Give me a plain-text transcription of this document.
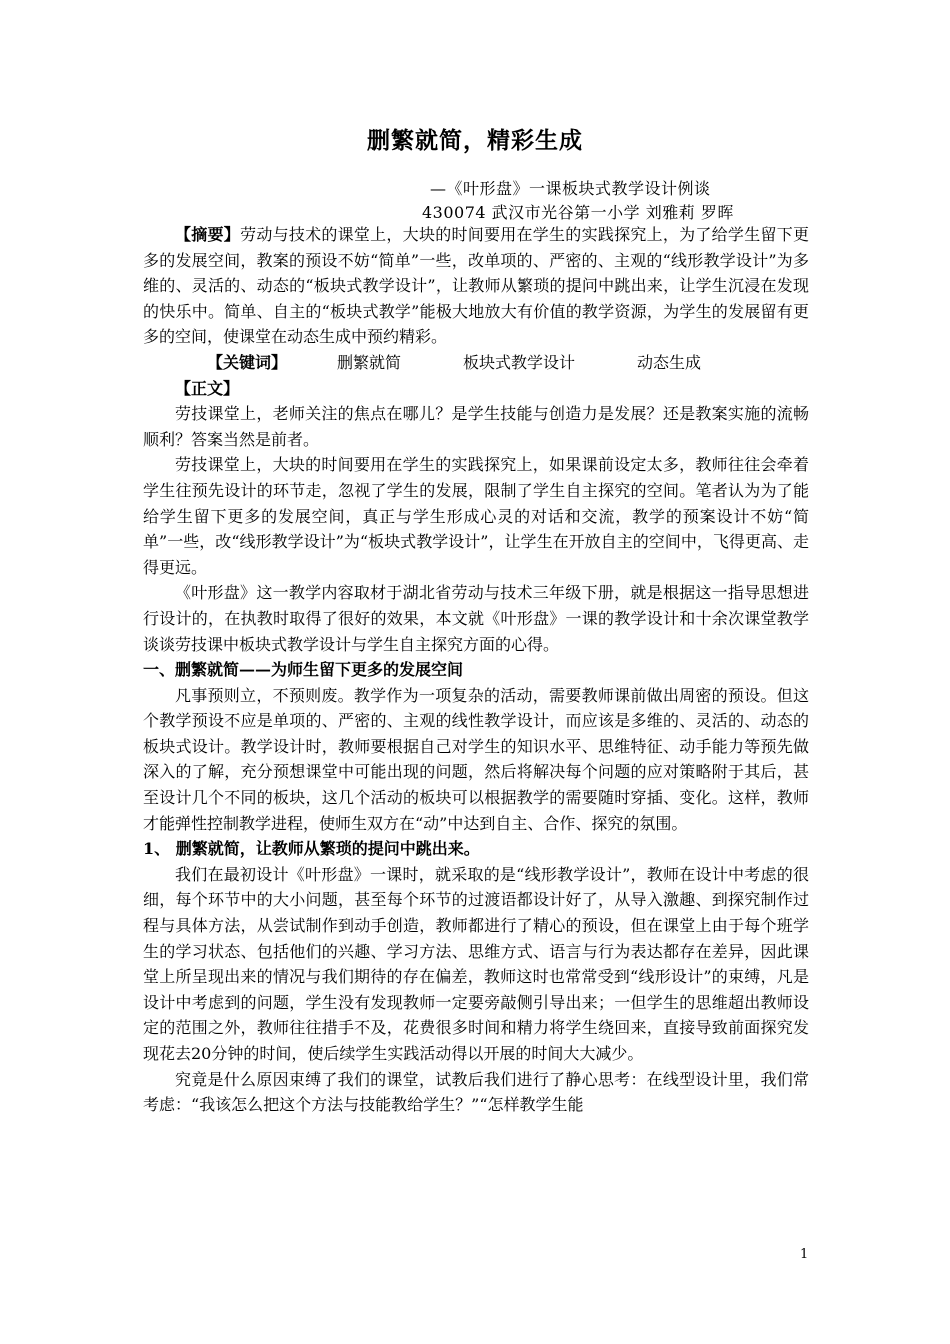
删繁就简，精彩生成
—《叶形盘》一课板块式教学设计例谈
430074 武汉市光谷第一小学 刘雅莉 罗晖

【摘要】劳动与技术的课堂上，大块的时间要用在学生的实践探究上，为了给学生留下更多的发展空间，教案的预设不妨“简单”一些，改单项的、严密的、主观的“线形教学设计”为多维的、灵活的、动态的“板块式教学设计”，让教师从繁琐的提问中跳出来，让学生沉浸在发现的快乐中。简单、自主的“板块式教学”能极大地放大有价值的教学资源，为学生的发展留有更多的空间，使课堂在动态生成中预约精彩。

【关键词】	删繁就简	板块式教学设计	动态生成

【正文】

劳技课堂上，老师关注的焦点在哪儿？是学生技能与创造力是发展？还是教案实施的流畅顺利？答案当然是前者。

劳技课堂上，大块的时间要用在学生的实践探究上，如果课前设定太多，教师往往会牵着学生往预先设计的环节走，忽视了学生的发展，限制了学生自主探究的空间。笔者认为为了能给学生留下更多的发展空间，真正与学生形成心灵的对话和交流，教学的预案设计不妨“简单”一些，改“线形教学设计”为“板块式教学设计”，让学生在开放自主的空间中，飞得更高、走得更远。

《叶形盘》这一教学内容取材于湖北省劳动与技术三年级下册，就是根据这一指导思想进行设计的，在执教时取得了很好的效果，本文就《叶形盘》一课的教学设计和十余次课堂教学谈谈劳技课中板块式教学设计与学生自主探究方面的心得。

一、删繁就简——为师生留下更多的发展空间

凡事预则立，不预则废。教学作为一项复杂的活动，需要教师课前做出周密的预设。但这个教学预设不应是单项的、严密的、主观的线性教学设计，而应该是多维的、灵活的、动态的板块式设计。教学设计时，教师要根据自己对学生的知识水平、思维特征、动手能力等预先做深入的了解，充分预想课堂中可能出现的问题，然后将解决每个问题的应对策略附于其后，甚至设计几个不同的板块，这几个活动的板块可以根据教学的需要随时穿插、变化。这样，教师才能弹性控制教学进程，使师生双方在“动”中达到自主、合作、探究的氛围。

1、 删繁就简，让教师从繁琐的提问中跳出来。

我们在最初设计《叶形盘》一课时，就采取的是“线形教学设计”，教师在设计中考虑的很细，每个环节中的大小问题，甚至每个环节的过渡语都设计好了，从导入激趣、到探究制作过程与具体方法，从尝试制作到动手创造，教师都进行了精心的预设，但在课堂上由于每个班学生的学习状态、包括他们的兴趣、学习方法、思维方式、语言与行为表达都存在差异，因此课堂上所呈现出来的情况与我们期待的存在偏差，教师这时也常常受到“线形设计”的束缚，凡是设计中考虑到的问题，学生没有发现教师一定要旁敲侧引导出来；一但学生的思维超出教师设定的范围之外，教师往往措手不及，花费很多时间和精力将学生绕回来，直接导致前面探究发现花去20分钟的时间，使后续学生实践活动得以开展的时间大大减少。

究竟是什么原因束缚了我们的课堂，试教后我们进行了静心思考：在线型设计里，我们常考虑：“我该怎么把这个方法与技能教给学生？”“怎样教学生能

1
